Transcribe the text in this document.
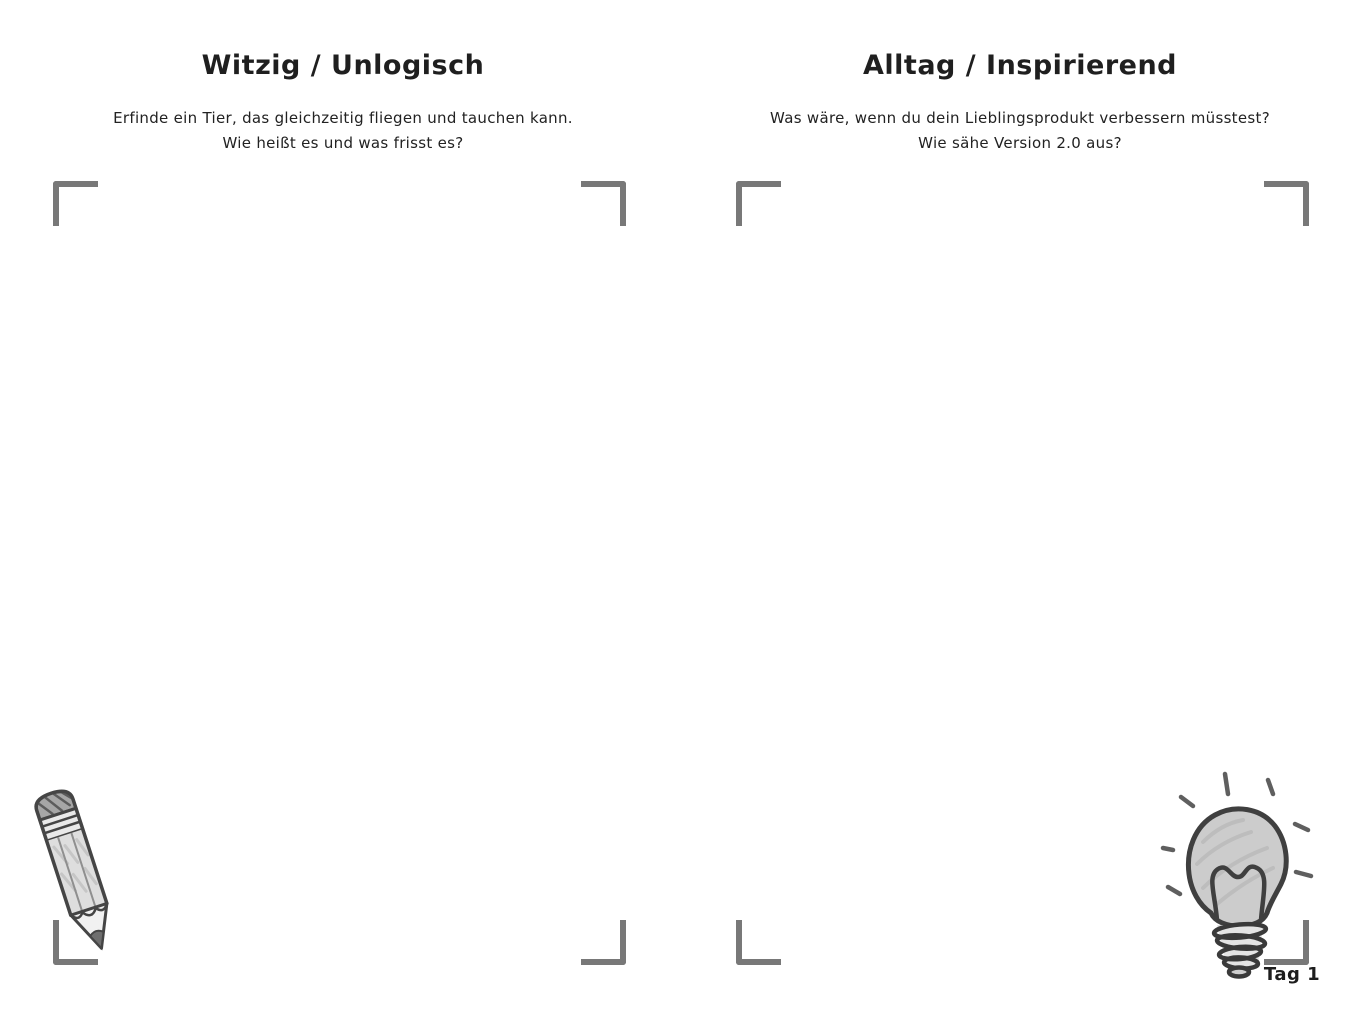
Witzig / Unlogisch
Erfinde ein Tier, das gleichzeitig fliegen und tauchen kann.
Wie heißt es und was frisst es?
Alltag / Inspirierend
Was wäre, wenn du dein Lieblingsprodukt verbessern müsstest?
Wie sähe Version 2.0 aus?
Tag 1
